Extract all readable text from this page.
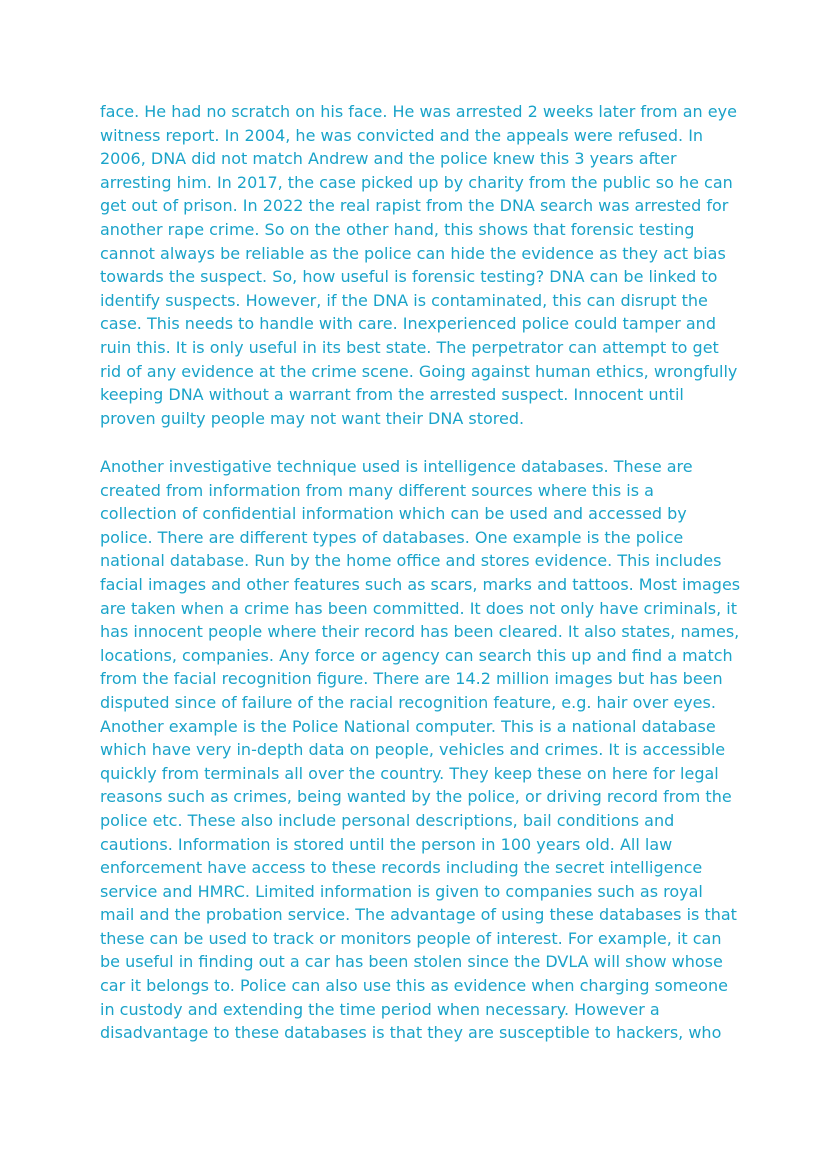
face. He had no scratch on his face. He was arrested 2 weeks later from an eye
witness report. In 2004, he was convicted and the appeals were refused. In
2006, DNA did not match Andrew and the police knew this 3 years after
arresting him. In 2017, the case picked up by charity from the public so he can
get out of prison. In 2022 the real rapist from the DNA search was arrested for
another rape crime. So on the other hand, this shows that forensic testing
cannot always be reliable as the police can hide the evidence as they act bias
towards the suspect. So, how useful is forensic testing? DNA can be linked to
identify suspects. However, if the DNA is contaminated, this can disrupt the
case. This needs to handle with care. Inexperienced police could tamper and
ruin this. It is only useful in its best state. The perpetrator can attempt to get
rid of any evidence at the crime scene. Going against human ethics, wrongfully
keeping DNA without a warrant from the arrested suspect. Innocent until
proven guilty people may not want their DNA stored.
Another investigative technique used is intelligence databases. These are
created from information from many different sources where this is a
collection of confidential information which can be used and accessed by
police. There are different types of databases. One example is the police
national database. Run by the home office and stores evidence. This includes
facial images and other features such as scars, marks and tattoos. Most images
are taken when a crime has been committed. It does not only have criminals, it
has innocent people where their record has been cleared. It also states, names,
locations, companies. Any force or agency can search this up and find a match
from the facial recognition figure. There are 14.2 million images but has been
disputed since of failure of the racial recognition feature, e.g. hair over eyes.
Another example is the Police National computer. This is a national database
which have very in-depth data on people, vehicles and crimes. It is accessible
quickly from terminals all over the country. They keep these on here for legal
reasons such as crimes, being wanted by the police, or driving record from the
police etc. These also include personal descriptions, bail conditions and
cautions. Information is stored until the person in 100 years old. All law
enforcement have access to these records including the secret intelligence
service and HMRC. Limited information is given to companies such as royal
mail and the probation service. The advantage of using these databases is that
these can be used to track or monitors people of interest. For example, it can
be useful in finding out a car has been stolen since the DVLA will show whose
car it belongs to. Police can also use this as evidence when charging someone
in custody and extending the time period when necessary. However a
disadvantage to these databases is that they are susceptible to hackers, who
